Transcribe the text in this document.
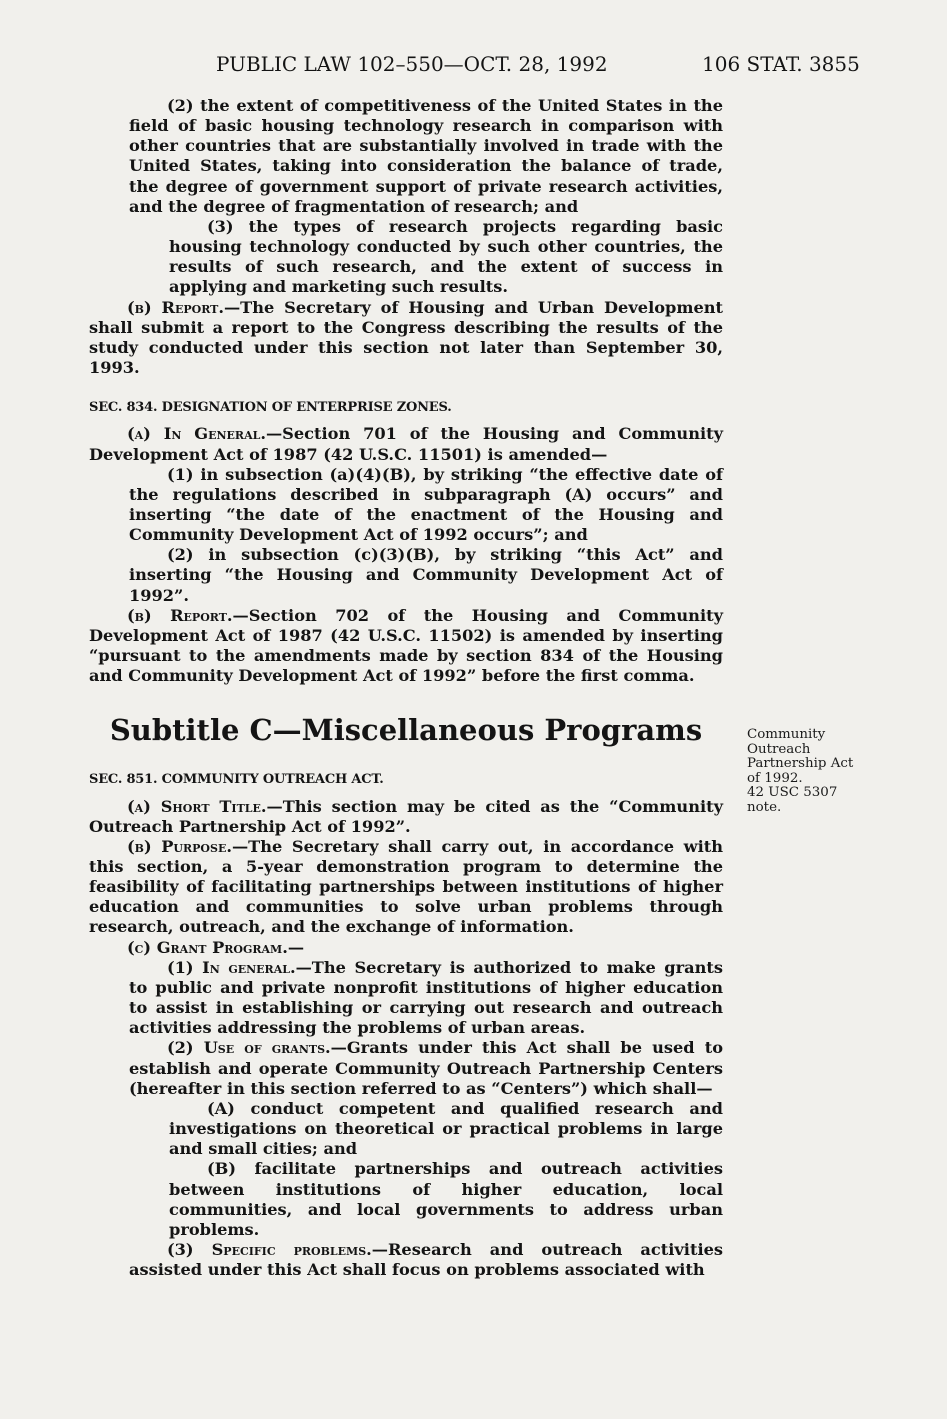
PUBLIC LAW 102–550—OCT. 28, 1992	106 STAT. 3855

(2) the extent of competitiveness of the United States in the field of basic housing technology research in comparison with other countries that are substantially involved in trade with the United States, taking into consideration the balance of trade, the degree of government support of private research activities, and the degree of fragmentation of research; and

(3) the types of research projects regarding basic housing technology conducted by such other countries, the results of such research, and the extent of success in applying and marketing such results.

(b) Report.—The Secretary of Housing and Urban Development shall submit a report to the Congress describing the results of the study conducted under this section not later than September 30, 1993.

SEC. 834. DESIGNATION OF ENTERPRISE ZONES.

(a) In General.—Section 701 of the Housing and Community Development Act of 1987 (42 U.S.C. 11501) is amended—

(1) in subsection (a)(4)(B), by striking “the effective date of the regulations described in subparagraph (A) occurs” and inserting “the date of the enactment of the Housing and Community Development Act of 1992 occurs”; and

(2) in subsection (c)(3)(B), by striking “this Act” and inserting “the Housing and Community Development Act of 1992”.

(b) Report.—Section 702 of the Housing and Community Development Act of 1987 (42 U.S.C. 11502) is amended by inserting “pursuant to the amendments made by section 834 of the Housing and Community Development Act of 1992” before the first comma.

Subtitle C—Miscellaneous Programs

SEC. 851. COMMUNITY OUTREACH ACT.

(a) Short Title.—This section may be cited as the “Community Outreach Partnership Act of 1992”.

(b) Purpose.—The Secretary shall carry out, in accordance with this section, a 5-year demonstration program to determine the feasibility of facilitating partnerships between institutions of higher education and communities to solve urban problems through research, outreach, and the exchange of information.

(c) Grant Program.—

(1) In general.—The Secretary is authorized to make grants to public and private nonprofit institutions of higher education to assist in establishing or carrying out research and outreach activities addressing the problems of urban areas.

(2) Use of grants.—Grants under this Act shall be used to establish and operate Community Outreach Partnership Centers (hereafter in this section referred to as “Centers”) which shall—

(A) conduct competent and qualified research and investigations on theoretical or practical problems in large and small cities; and

(B) facilitate partnerships and outreach activities between institutions of higher education, local communities, and local governments to address urban problems.

(3) Specific problems.—Research and outreach activities assisted under this Act shall focus on problems associated with

Community
Outreach
Partnership Act
of 1992.
42 USC 5307
note.
